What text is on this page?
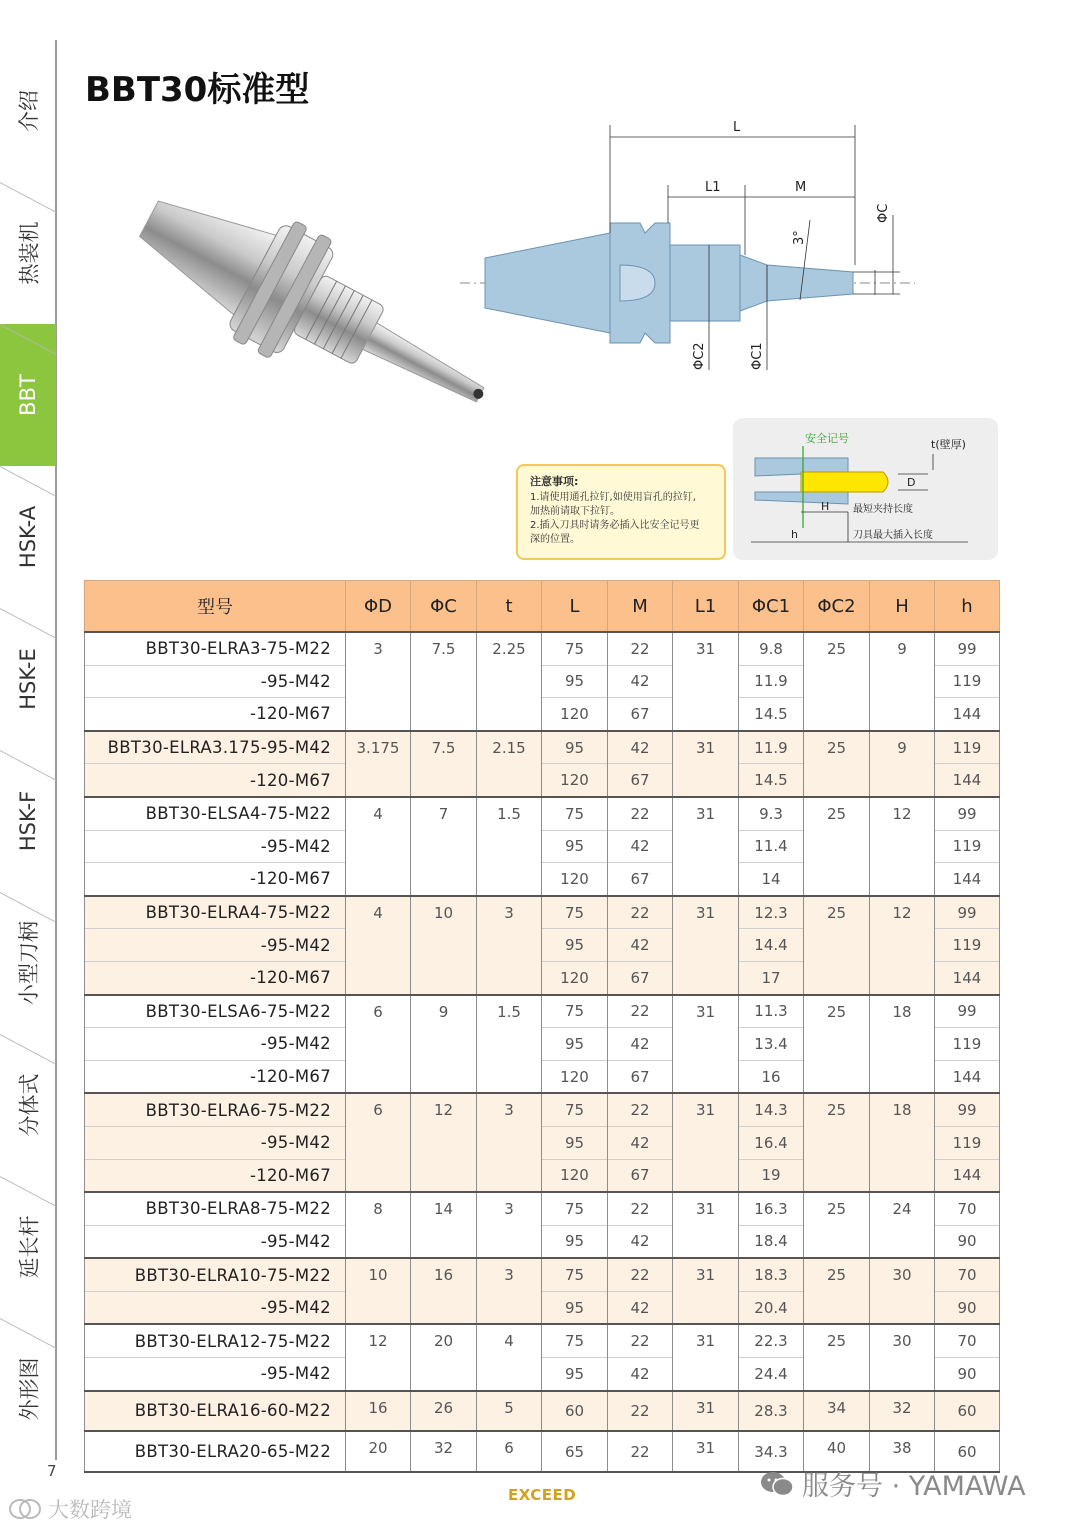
介绍
热装机
BBT
HSK-A
HSK-E
HSK-F
小型刀柄
分体式
延长杆
外形图
BBT30标准型
L
L1	M
ΦC
ΦC2	ΦC1
3°
注意事项:
1.请使用通孔拉钉,如使用盲孔的拉钉,
加热前请取下拉钉。
2.插入刀具时请务必插入比安全记号更
深的位置。
安全记号	t(壁厚)
D
H 最短夹持长度
h	刀具最大插入长度
型号	ΦD	ΦC	t	L	M	L1	ΦC1	ΦC2	H	h
BBT30-ELRA3-75-M22	3	7.5	2.25	75	22	31	9.8	25	9	99
-95-M42				95	42		11.9			119
-120-M67				120	67		14.5			144
BBT30-ELRA3.175-95-M42	3.175	7.5	2.15	95	42	31	11.9	25	9	119
-120-M67				120	67		14.5			144
BBT30-ELSA4-75-M22	4	7	1.5	75	22	31	9.3	25	12	99
-95-M42				95	42		11.4			119
-120-M67				120	67		14			144
BBT30-ELRA4-75-M22	4	10	3	75	22	31	12.3	25	12	99
-95-M42				95	42		14.4			119
-120-M67				120	67		17			144
BBT30-ELSA6-75-M22	6	9	1.5	75	22	31	11.3	25	18	99
-95-M42				95	42		13.4			119
-120-M67				120	67		16			144
BBT30-ELRA6-75-M22	6	12	3	75	22	31	14.3	25	18	99
-95-M42				95	42		16.4			119
-120-M67				120	67		19			144
BBT30-ELRA8-75-M22	8	14	3	75	22	31	16.3	25	24	70
-95-M42				95	42		18.4			90
BBT30-ELRA10-75-M22	10	16	3	75	22	31	18.3	25	30	70
-95-M42				95	42		20.4			90
BBT30-ELRA12-75-M22	12	20	4	75	22	31	22.3	25	30	70
-95-M42				95	42		24.4			90
BBT30-ELRA16-60-M22	16	26	5	60	22	31	28.3	34	32	60
BBT30-ELRA20-65-M22	20	32	6	65	22	31	34.3	40	38	60
7
EXCEED	服务号 · YAMAWA
大数跨境
